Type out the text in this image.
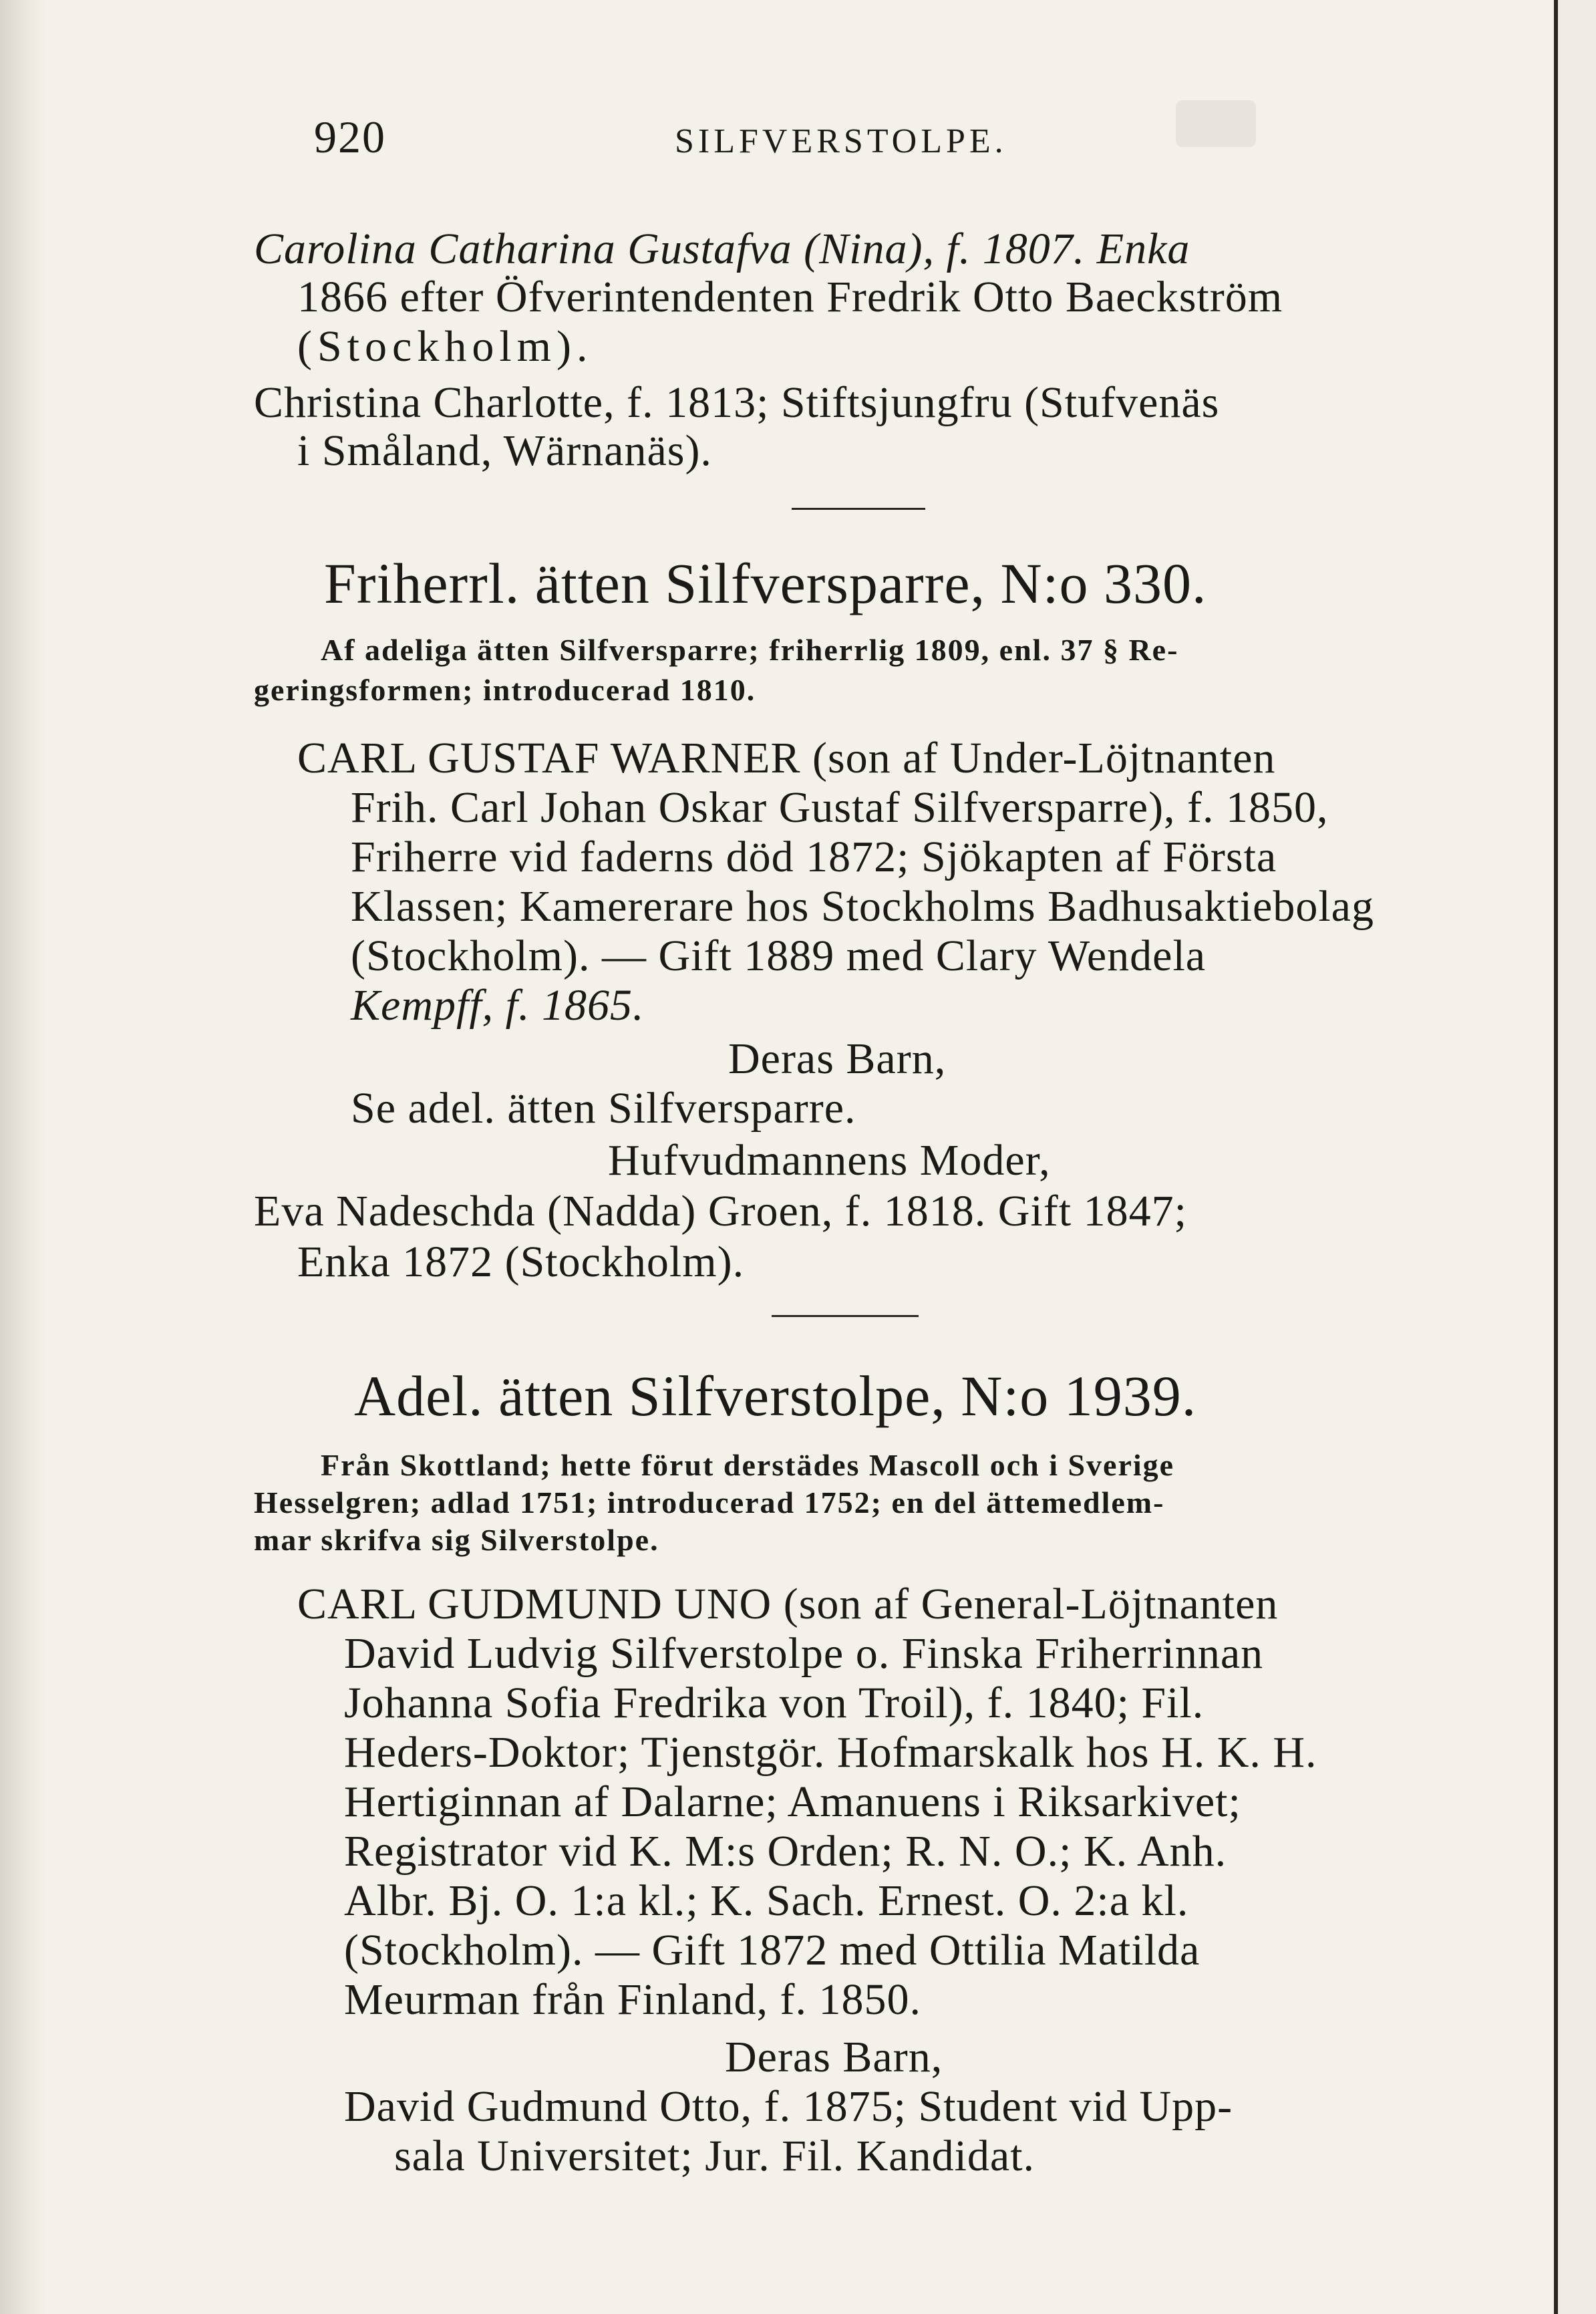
920	SILFVERSTOLPE.
Carolina Catharina Gustafva (Nina), f. 1807. Enka
1866 efter Öfverintendenten Fredrik Otto Baeckström
(Stockholm).
Christina Charlotte, f. 1813; Stiftsjungfru (Stufvenäs
i Småland, Wärnanäs).
Friherrl. ätten Silfversparre, N:o 330.
Af adeliga ätten Silfversparre; friherrlig 1809, enl. 37 § Re-
geringsformen; introducerad 1810.
CARL GUSTAF WARNER (son af Under-Löjtnanten
Frih. Carl Johan Oskar Gustaf Silfversparre), f. 1850,
Friherre vid faderns död 1872; Sjökapten af Första
Klassen; Kamererare hos Stockholms Badhusaktiebolag
(Stockholm). — Gift 1889 med Clary Wendela
Kempff, f. 1865.
Deras Barn,
Se adel. ätten Silfversparre.
Hufvudmannens Moder,
Eva Nadeschda (Nadda) Groen, f. 1818. Gift 1847;
Enka 1872 (Stockholm).
Adel. ätten Silfverstolpe, N:o 1939.
Från Skottland; hette förut derstädes Mascoll och i Sverige
Hesselgren; adlad 1751; introducerad 1752; en del ättemedlem-
mar skrifva sig Silverstolpe.
CARL GUDMUND UNO (son af General-Löjtnanten
David Ludvig Silfverstolpe o. Finska Friherrinnan
Johanna Sofia Fredrika von Troil), f. 1840; Fil.
Heders-Doktor; Tjenstgör. Hofmarskalk hos H. K. H.
Hertiginnan af Dalarne; Amanuens i Riksarkivet;
Registrator vid K. M:s Orden; R. N. O.; K. Anh.
Albr. Bj. O. 1:a kl.; K. Sach. Ernest. O. 2:a kl.
(Stockholm). — Gift 1872 med Ottilia Matilda
Meurman från Finland, f. 1850.
Deras Barn,
David Gudmund Otto, f. 1875; Student vid Upp-
sala Universitet; Jur. Fil. Kandidat.
